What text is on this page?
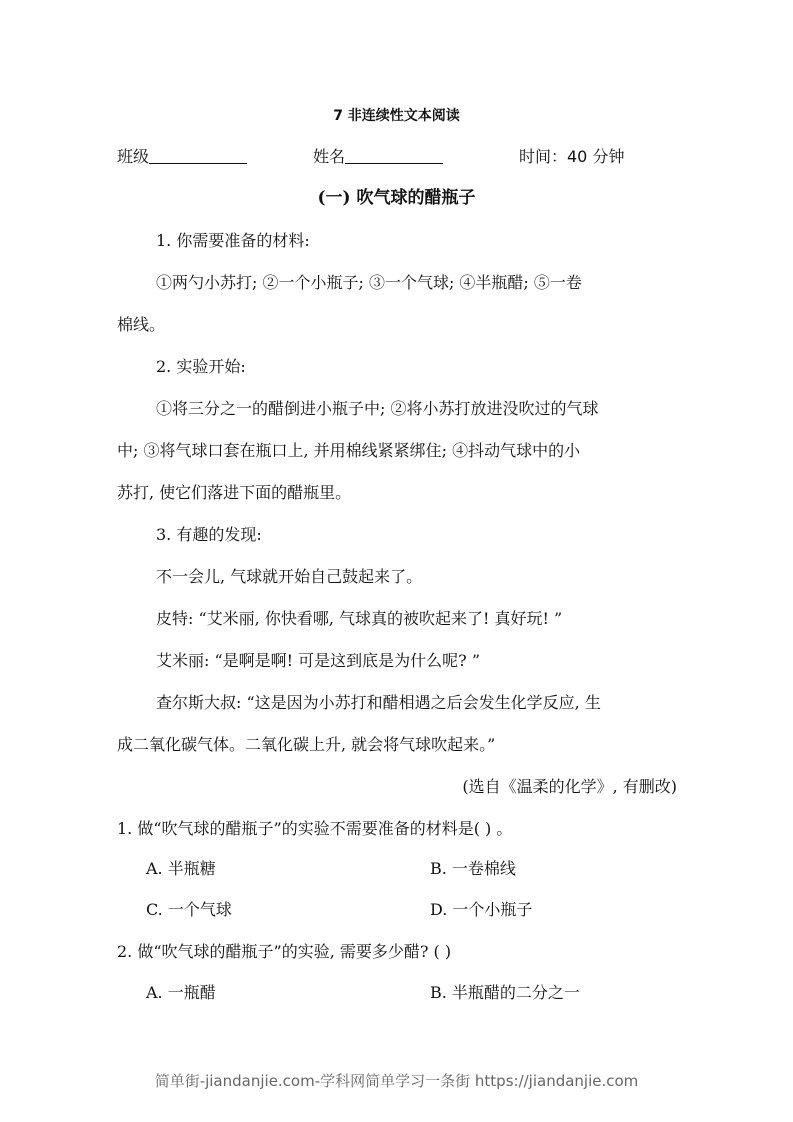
7 非连续性文本阅读
班级	姓名	时间：40 分钟
(一) 吹气球的醋瓶子
1. 你需要准备的材料:
①两勺小苏打; ②一个小瓶子; ③一个气球; ④半瓶醋; ⑤一卷
棉线。
2. 实验开始:
①将三分之一的醋倒进小瓶子中; ②将小苏打放进没吹过的气球
中; ③将气球口套在瓶口上, 并用棉线紧紧绑住; ④抖动气球中的小
苏打, 使它们落进下面的醋瓶里。
3. 有趣的发现:
不一会儿, 气球就开始自己鼓起来了。
皮特: “艾米丽, 你快看哪, 气球真的被吹起来了! 真好玩! ”
艾米丽: “是啊是啊! 可是这到底是为什么呢? ”
查尔斯大叔: “这是因为小苏打和醋相遇之后会发生化学反应, 生
成二氧化碳气体。二氧化碳上升, 就会将气球吹起来。”
(选自《温柔的化学》, 有删改)
1. 做“吹气球的醋瓶子”的实验不需要准备的材料是( ) 。
A. 半瓶糖	B. 一卷棉线
C. 一个气球	D. 一个小瓶子
2. 做“吹气球的醋瓶子”的实验, 需要多少醋? ( )
A. 一瓶醋	B. 半瓶醋的二分之一
简单街-jiandanjie.com-学科网简单学习一条街 https://jiandanjie.com
